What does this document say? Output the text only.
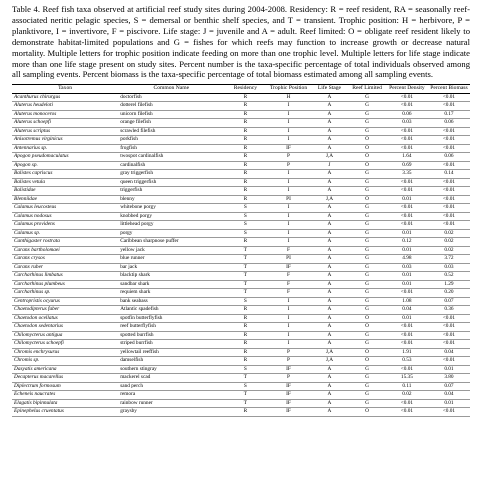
Table 4. Reef fish taxa observed at artificial reef study sites during 2004-2008. Residency: R = reef resident, RA = seasonally reef-associated neritic pelagic species, S = demersal or benthic shelf species, and T = transient. Trophic position: H = herbivore, P = planktivore, I = invertivore, F = piscivore. Life stage: J = juvenile and A = adult. Reef limited: O = obligate reef resident likely to demonstrate habitat-limited populations and G = fishes for which reefs may function to increase growth or decrease natural mortality. Multiple letters for trophic position indicate feeding on more than one trophic level. Multiple letters for life stage indicate more than one life stage present on study sites. Percent number is the taxa-specific percentage of total individuals observed among all sampling events. Percent biomass is the taxa-specific percentage of total biomass estimated among all sampling events.

Taxon	Common Name	Residency	Trophic Position	Life Stage	Reef Limited	Percent Density	Percent Biomass
Acanthurus chirurgus	doctorfish	R	H	A	G	<0.01	<0.01
Aluterus heudeloti	dotterel filefish	R	I	A	G	<0.01	<0.01
Aluterus monoceros	unicorn filefish	R	I	A	G	0.06	0.17
Aluterus schoepfi	orange filefish	R	I	A	G	0.03	0.06
Aluterus scriptus	scrawled filefish	R	I	A	G	<0.01	<0.01
Anisotremus virginicus	porkfish	R	I	A	O	<0.01	<0.01
Antennarius sp.	frogfish	R	IF	A	O	<0.01	<0.01
Apogon pseudomaculatus	twospot cardinalfish	R	P	J,A	O	1.64	0.06
Apogon sp.	cardinalfish	R	P	J	O	0.69	<0.01
Balistes capriscus	gray triggerfish	R	I	A	G	3.35	0.14
Balistes vetula	queen triggerfish	R	I	A	G	<0.01	<0.01
Balistidae	triggerfish	R	I	A	G	<0.01	<0.01
Blenniidae	blenny	R	PI	J,A	O	0.01	<0.01
Calamus leucosteus	whitebone porgy	S	I	A	G	<0.01	<0.01
Calamus nodosus	knobbed porgy	S	I	A	G	<0.01	<0.01
Calamus providens	littlehead porgy	S	I	A	G	<0.01	<0.01
Calamus sp.	porgy	S	I	A	G	0.01	0.02
Canthigaster rostrata	Caribbean sharpnose puffer	R	I	A	G	0.12	0.02
Caranx bartholomaei	yellow jack	T	F	A	G	0.01	0.02
Caranx crysos	blue runner	T	PI	A	G	4.98	3.72
Caranx ruber	bar jack	T	IF	A	G	0.03	0.03
Carcharhinus limbatus	blacktip shark	T	F	A	G	0.01	0.52
Carcharhinus plumbeus	sandbar shark	T	F	A	G	0.01	1.29
Carcharhinus sp.	requiem shark	T	F	A	G	<0.01	0.20
Centropristis ocyurus	bank seabass	S	I	A	G	1.08	0.07
Chaetodipterus faber	Atlantic spadefish	R	I	A	G	0.04	0.36
Chaetodon ocellatus	spotfin butterflyfish	R	I	A	O	0.01	<0.01
Chaetodon sedentarius	reef butterflyfish	R	I	A	O	<0.01	<0.01
Chilomycterus antigua	spotted burrfish	R	I	A	G	<0.01	<0.01
Chilomycterus schoepfi	striped burrfish	R	I	A	G	<0.01	<0.01
Chromis enchrysurus	yellowtail reeffish	R	P	J,A	O	1.91	0.04
Chromis sp.	damselfish	R	P	J,A	O	0.53	<0.01
Dasyatis americana	southern stingray	S	IF	A	G	<0.01	0.01
Decapterus macarellus	mackerel scad	T	P	A	G	15.35	3.80
Diplectrum formosum	sand perch	S	IF	A	G	0.11	0.07
Echeneis naucrates	remora	T	IF	A	G	0.02	0.04
Elagatis bipinnulata	rainbow runner	T	IF	A	G	<0.01	0.01
Epinephelus cruentatus	graysby	R	IF	A	O	<0.01	<0.01
